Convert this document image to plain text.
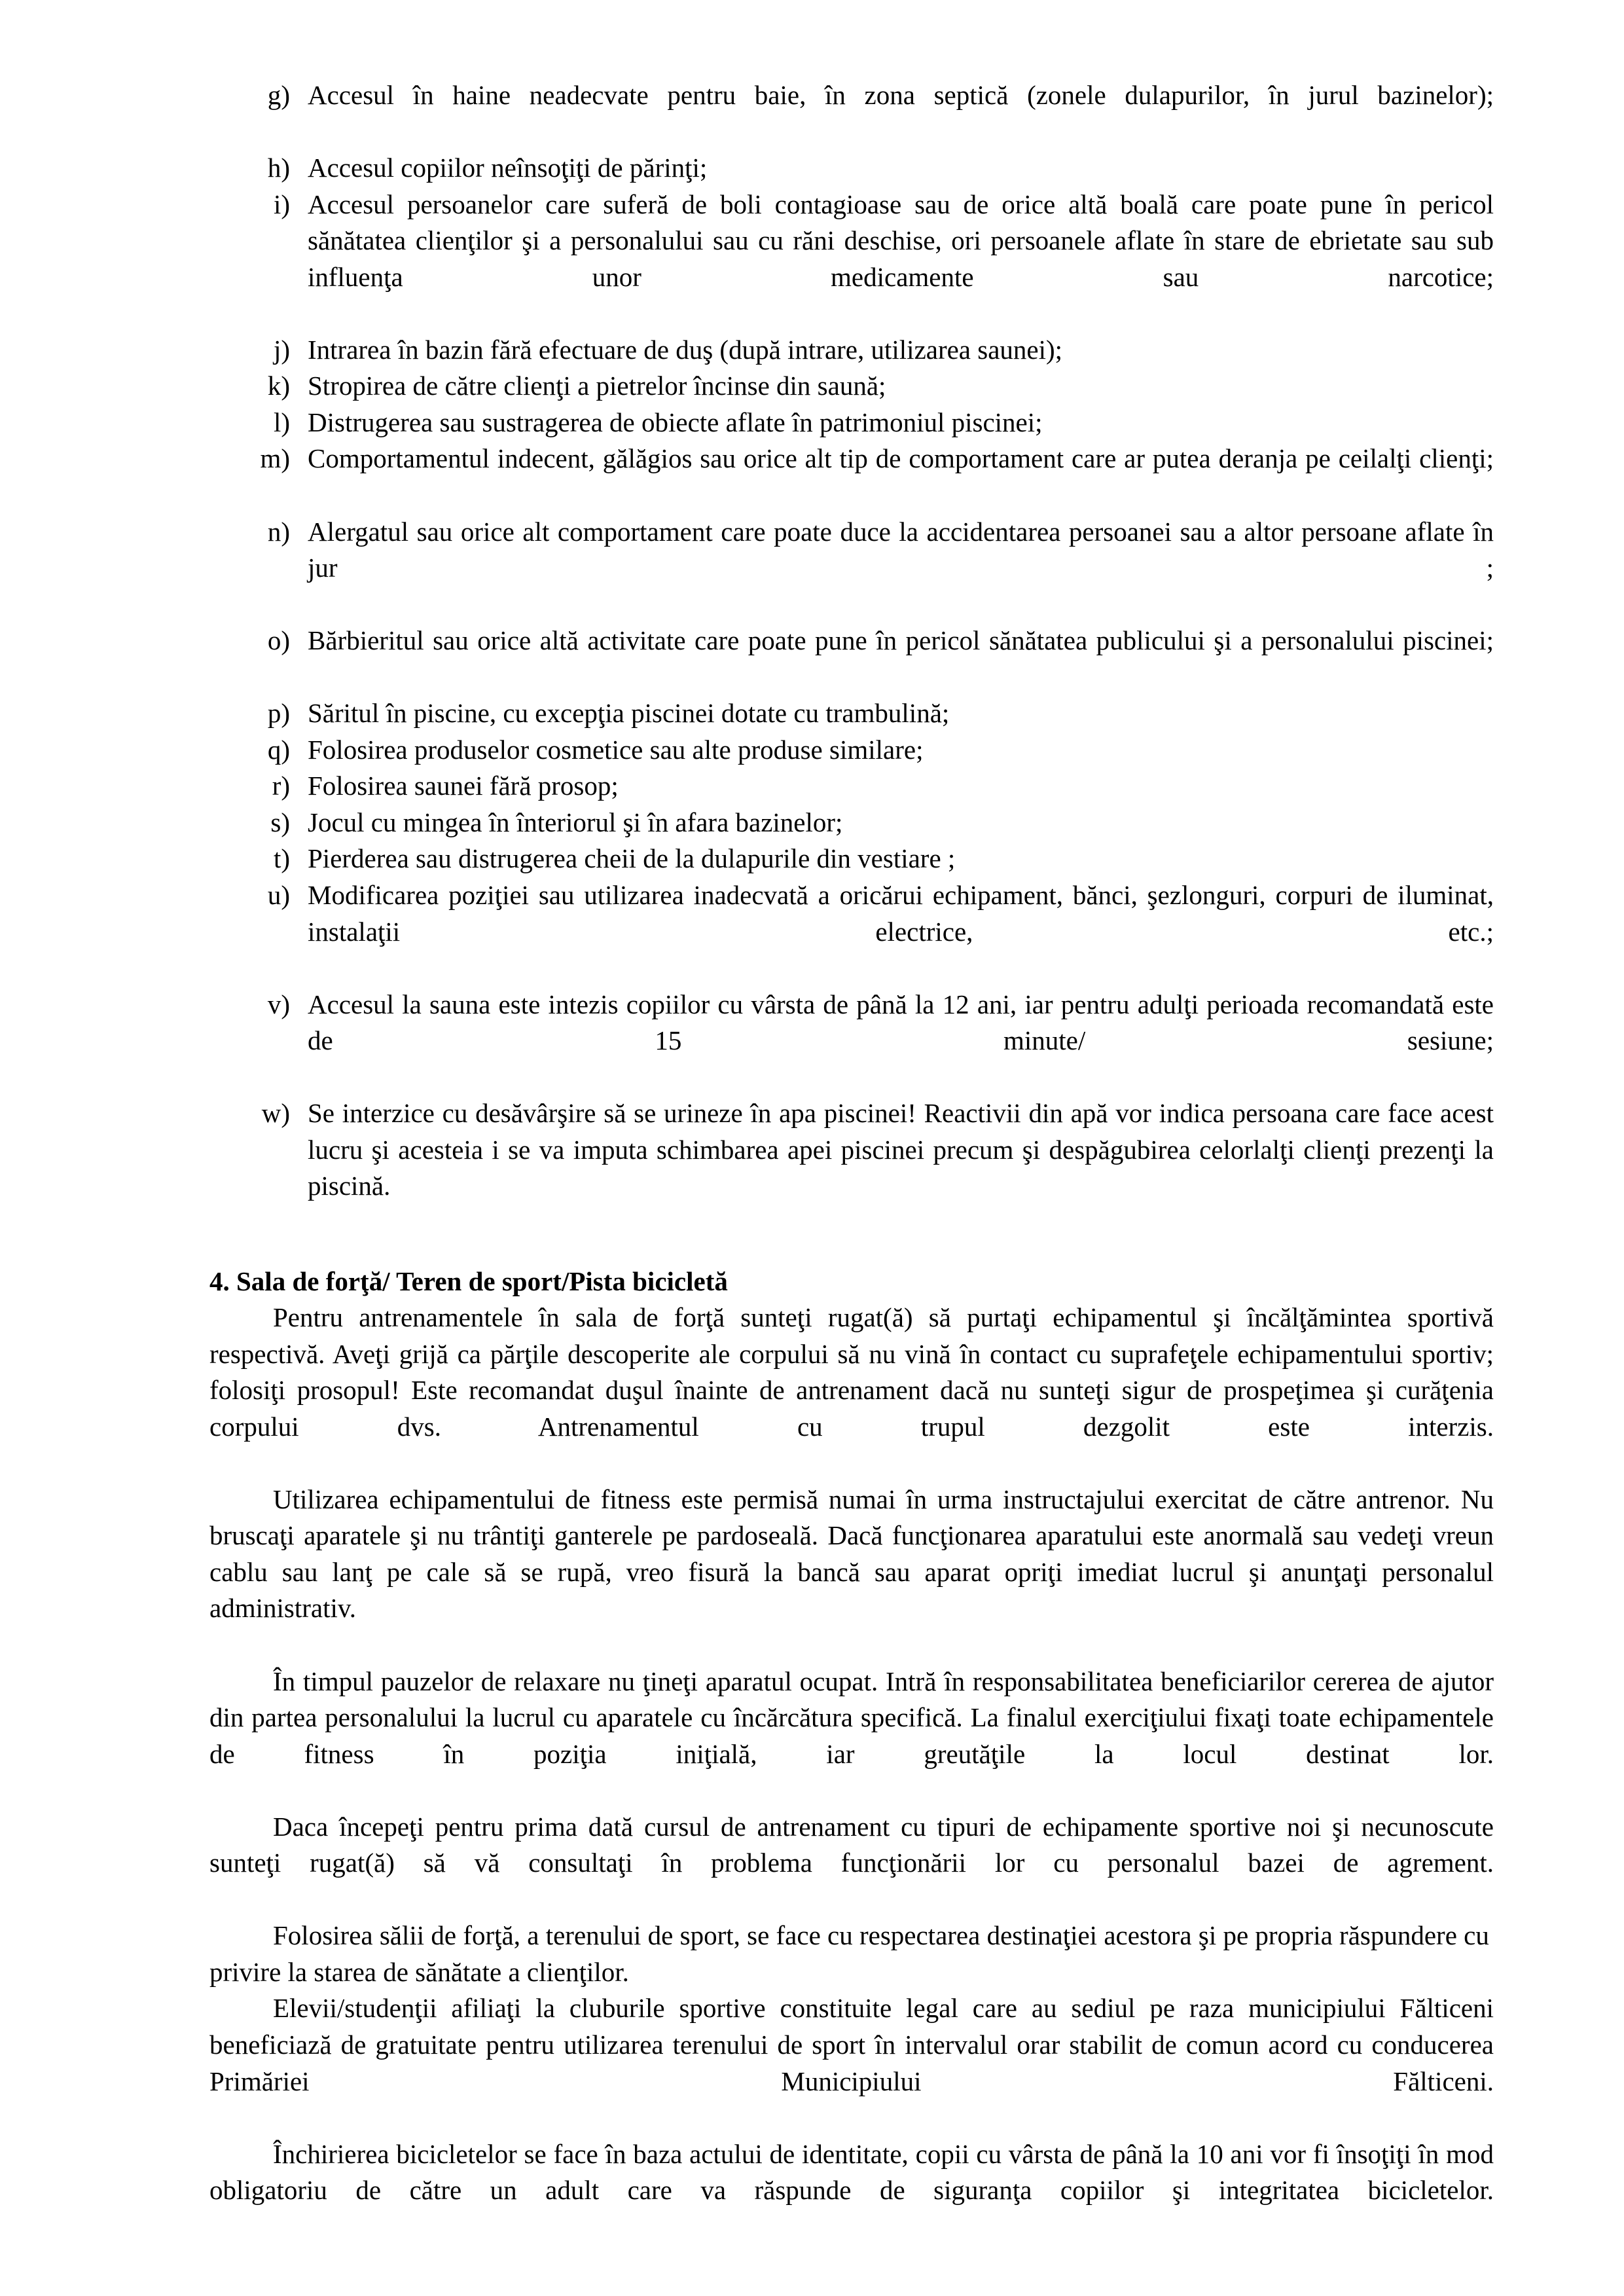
g) Accesul în haine neadecvate pentru baie, în zona septică (zonele dulapurilor, în jurul bazinelor);
h) Accesul copiilor neînsoţiţi de părinţi;
i) Accesul persoanelor care suferă de boli contagioase sau de orice altă boală care poate pune în pericol sănătatea clienţilor şi a personalului sau cu răni deschise, ori persoanele aflate în stare de ebrietate sau sub influenţa unor medicamente sau narcotice;
j) Intrarea în bazin fără efectuare de duş (după intrare, utilizarea saunei);
k) Stropirea de către clienţi a pietrelor încinse din saună;
l) Distrugerea sau sustragerea de obiecte aflate în patrimoniul piscinei;
m) Comportamentul indecent, gălăgios sau orice alt tip de comportament care ar putea deranja pe ceilalţi clienţi;
n) Alergatul sau orice alt comportament care poate duce la accidentarea persoanei sau a altor persoane aflate în jur ;
o) Bărbieritul sau orice altă activitate care poate pune în pericol sănătatea publicului şi a personalului piscinei;
p) Săritul în piscine, cu excepţia piscinei dotate cu trambulină;
q) Folosirea produselor cosmetice sau alte produse similare;
r) Folosirea saunei fără prosop;
s) Jocul cu mingea în înteriorul şi în afara bazinelor;
t) Pierderea sau distrugerea cheii de la dulapurile din vestiare ;
u) Modificarea poziţiei sau utilizarea inadecvată a oricărui echipament, bănci, şezlonguri, corpuri de iluminat, instalaţii electrice, etc.;
v) Accesul la sauna este intezis copiilor cu vârsta de până la 12 ani, iar pentru adulţi perioada recomandată este de 15 minute/ sesiune;
w) Se interzice cu desăvârşire să se urineze în apa piscinei! Reactivii din apă vor indica persoana care face acest lucru şi acesteia i se va imputa schimbarea apei piscinei precum şi despăgubirea celorlalţi clienţi prezenţi la piscină.
4. Sala de forţă/ Teren de sport/Pista bicicletă

Pentru antrenamentele în sala de forţă sunteţi rugat(ă) să purtaţi echipamentul şi încălţămintea sportivă respectivă. Aveţi grijă ca părţile descoperite ale corpului să nu vină în contact cu suprafeţele echipamentului sportiv; folosiţi prosopul! Este recomandat duşul înainte de antrenament dacă nu sunteţi sigur de prospeţimea şi curăţenia corpului dvs. Antrenamentul cu trupul dezgolit este interzis.

Utilizarea echipamentului de fitness este permisă numai în urma instructajului exercitat de către antrenor. Nu bruscaţi aparatele şi nu trântiţi ganterele pe pardoseală. Dacă funcţionarea aparatului este anormală sau vedeţi vreun cablu sau lanţ pe cale să se rupă, vreo fisură la bancă sau aparat opriţi imediat lucrul şi anunţaţi personalul administrativ.

În timpul pauzelor de relaxare nu ţineţi aparatul ocupat. Intră în responsabilitatea beneficiarilor cererea de ajutor din partea personalului la lucrul cu aparatele cu încărcătura specifică. La finalul exerciţiului fixaţi toate echipamentele de fitness în poziţia iniţială, iar greutăţile la locul destinat lor.

Daca începeţi pentru prima dată cursul de antrenament cu tipuri de echipamente sportive noi şi necunoscute sunteţi rugat(ă) să vă consultaţi în problema funcţionării lor cu personalul bazei de agrement.

Folosirea sălii de forţă, a terenului de sport, se face cu respectarea destinaţiei acestora şi pe propria răspundere cu privire la starea de sănătate a clienţilor.

Elevii/studenţii afiliaţi la cluburile sportive constituite legal care au sediul pe raza municipiului Fălticeni beneficiază de gratuitate pentru utilizarea terenului de sport în intervalul orar stabilit de comun acord cu conducerea Primăriei Municipiului Fălticeni.

Închirierea bicicletelor se face în baza actului de identitate, copii cu vârsta de până la 10 ani vor fi însoţiţi în mod obligatoriu de către un adult care va răspunde de siguranţa copiilor şi integritatea bicicletelor.
